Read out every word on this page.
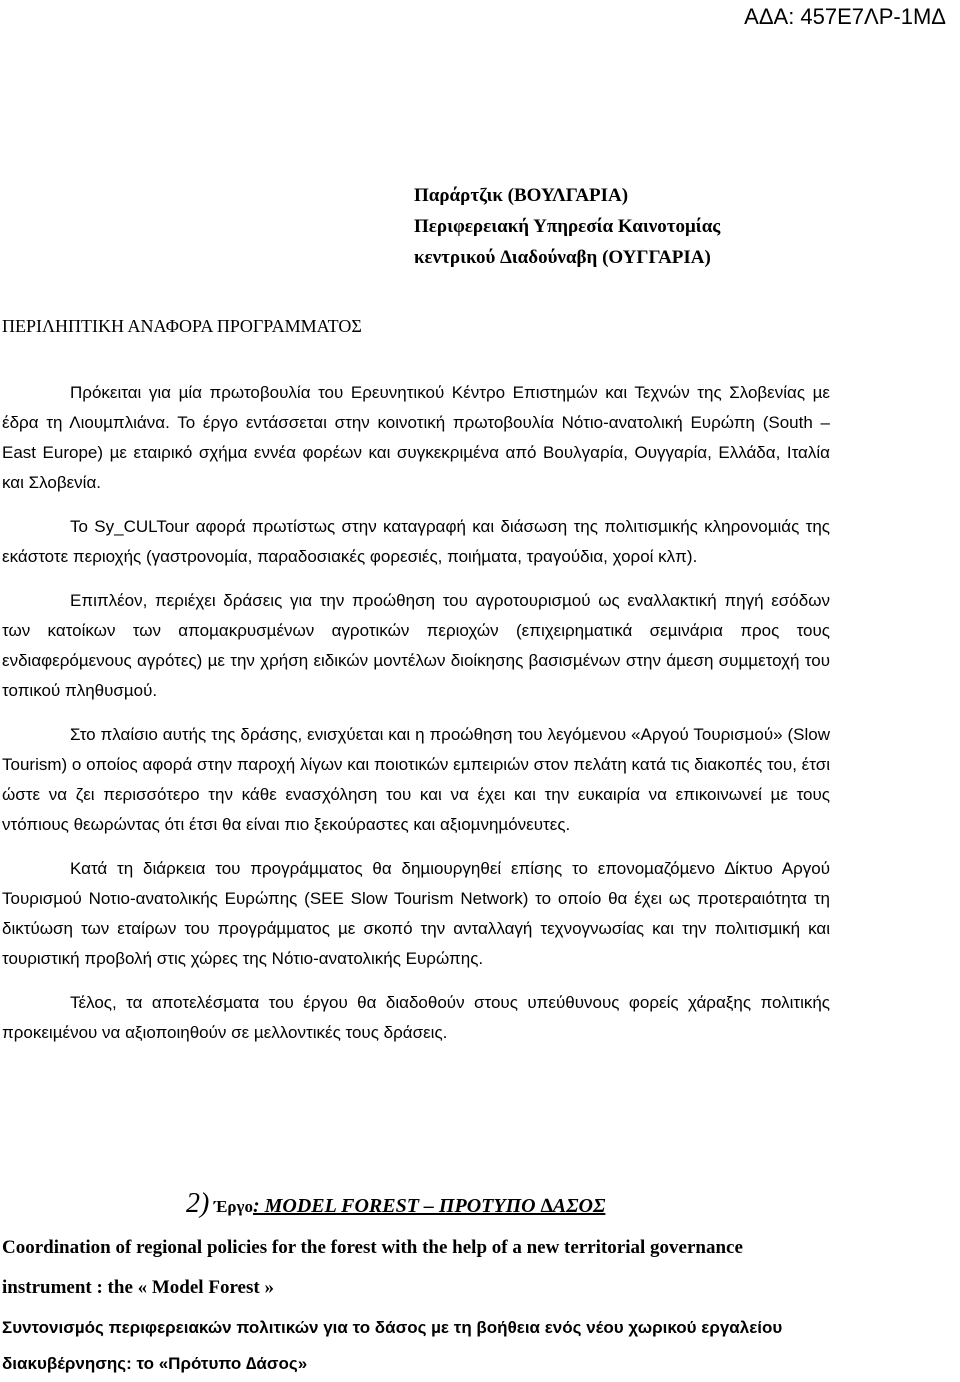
ΑΔΑ: 457Ε7ΛΡ-1ΜΔ
Παράρτζικ (ΒΟΥΛΓΑΡΙΑ)
Περιφερειακή Υπηρεσία Καινοτομίας
κεντρικού ∆ιαδούναβη (ΟΥΓΓΑΡΙΑ)
ΠΕΡΙΛΗΠΤΙΚΗ ΑΝΑΦΟΡΑ ΠΡΟΓΡΑΜΜΑΤΟΣ

Πρόκειται για µία πρωτοβουλία του Ερευνητικού Κέντρο Επιστηµών και Τεχνών της Σλοβενίας µε έδρα τη Λιουµπλιάνα. Το έργο εντάσσεται στην κοινοτική πρωτοβουλία Νότιο-ανατολική Ευρώπη (South – East Europe) µε εταιρικό σχήµα εννέα φορέων και συγκεκριµένα από Βουλγαρία, Ουγγαρία, Ελλάδα, Ιταλία και Σλοβενία.

Το Sy_CULTour αφορά πρωτίστως στην καταγραφή και διάσωση της πολιτισµικής κληρονοµιάς της εκάστοτε περιοχής (γαστρονοµία, παραδοσιακές φορεσιές, ποιήµατα, τραγούδια, χοροί κλπ).

Επιπλέον, περιέχει δράσεις για την προώθηση του αγροτουρισµού ως εναλλακτική πηγή εσόδων των κατοίκων των αποµακρυσµένων αγροτικών περιοχών (επιχειρηµατικά σεµινάρια προς τους ενδιαφερόµενους αγρότες) µε την χρήση ειδικών µοντέλων διοίκησης βασισµένων στην άµεση συµµετοχή του τοπικού πληθυσµού.

Στο πλαίσιο αυτής της δράσης, ενισχύεται και η προώθηση του λεγόµενου «Αργού Τουρισµού» (Slow Tourism) ο οποίος αφορά στην παροχή λίγων και ποιοτικών εµπειριών στον πελάτη κατά τις διακοπές του, έτσι ώστε να ζει περισσότερο την κάθε ενασχόληση του και να έχει και την ευκαιρία να επικοινωνεί µε τους ντόπιους θεωρώντας ότι έτσι θα είναι πιο ξεκούραστες και αξιοµνηµόνευτες.

Κατά τη διάρκεια του προγράµµατος θα δηµιουργηθεί επίσης το επονοµαζόµενο ∆ίκτυο Αργού Τουρισµού Νοτιο-ανατολικής Ευρώπης (SEE Slow Tourism Network) το οποίο θα έχει ως προτεραιότητα τη δικτύωση των εταίρων του προγράµµατος µε σκοπό την ανταλλαγή τεχνογνωσίας και την πολιτισµική και τουριστική προβολή στις χώρες της Νότιο-ανατολικής Ευρώπης.

Τέλος, τα αποτελέσµατα του έργου θα διαδοθούν στους υπεύθυνους φορείς χάραξης πολιτικής προκειµένου να αξιοποιηθούν σε µελλοντικές τους δράσεις.

2) Έργο: MODEL FOREST – ΠΡΟΤΥΠΟ ∆ΑΣΟΣ
Coordination of regional policies for the forest with the help of a new territorial governance instrument : the « Model Forest »
Συντονισµός περιφερειακών πολιτικών για το δάσος µε τη βοήθεια ενός νέου χωρικού εργαλείου διακυβέρνησης: το «Πρότυπο ∆άσος»
